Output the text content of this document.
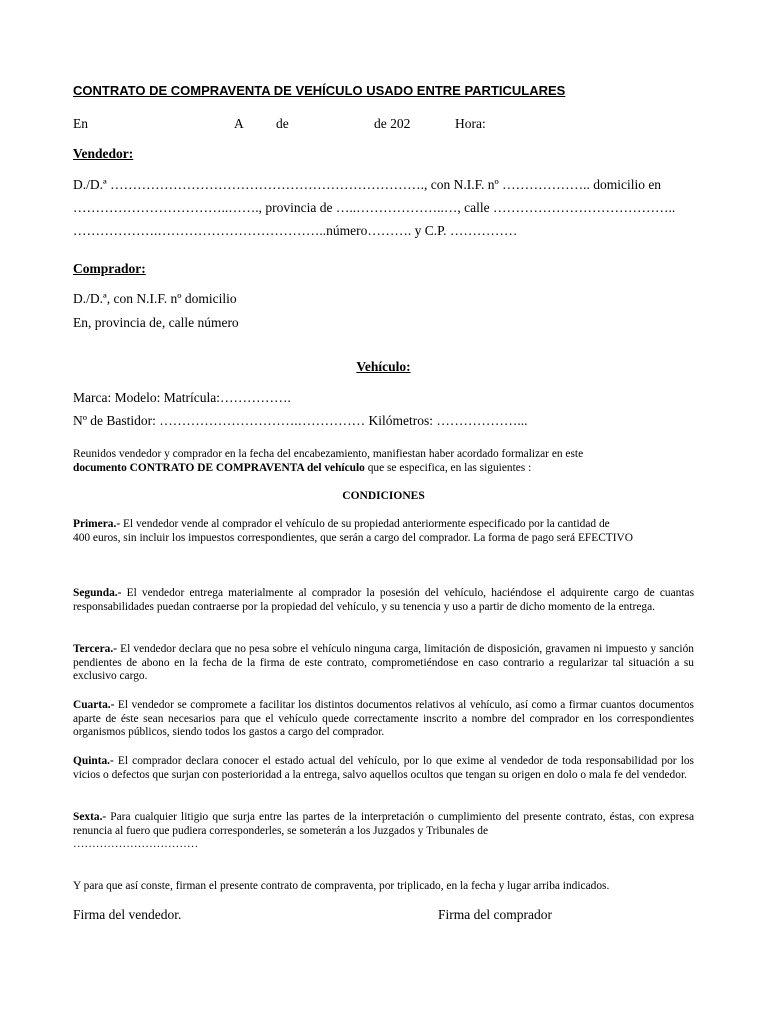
CONTRATO DE COMPRAVENTA DE VEHÍCULO USADO ENTRE PARTICULARES
En	A de	de 202	Hora:
Vendedor:
D./D.ª ……………………………………………………………., con N.I.F. nº ……………….. domicilio en
……………………………..……., provincia de …..………………..…, calle …………………………………..
……………….………………………………..número………. y C.P. ……………
Comprador:
D./D.ª, con N.I.F. nº domicilio
En, provincia de, calle número
Vehículo:
Marca: Modelo: Matrícula:…………….
Nº de Bastidor: ………………………….…………… Kilómetros: ………………...
Reunidos vendedor y comprador en la fecha del encabezamiento, manifiestan haber acordado formalizar en este
documento CONTRATO DE COMPRAVENTA del vehículo que se especifica, en las siguientes :
CONDICIONES
Primera.- El vendedor vende al comprador el vehículo de su propiedad anteriormente especificado por la cantidad de
400 euros, sin incluir los impuestos correspondientes, que serán a cargo del comprador. La forma de pago será EFECTIVO
Segunda.- El vendedor entrega materialmente al comprador la posesión del vehículo, haciéndose el adquirente cargo de cuantas responsabilidades puedan contraerse por la propiedad del vehículo, y su tenencia y uso a partir de dicho momento de la entrega.
Tercera.- El vendedor declara que no pesa sobre el vehículo ninguna carga, limitación de disposición, gravamen ni impuesto y sanción pendientes de abono en la fecha de la firma de este contrato, comprometiéndose en caso contrario a regularizar tal situación a su exclusivo cargo.
Cuarta.- El vendedor se compromete a facilitar los distintos documentos relativos al vehículo, así como a firmar cuantos documentos aparte de éste sean necesarios para que el vehículo quede correctamente inscrito a nombre del comprador en los correspondientes organismos públicos, siendo todos los gastos a cargo del comprador.
Quinta.- El comprador declara conocer el estado actual del vehículo, por lo que exime al vendedor de toda responsabilidad por los vicios o defectos que surjan con posterioridad a la entrega, salvo aquellos ocultos que tengan su origen en dolo o mala fe del vendedor.
Sexta.- Para cualquier litigio que surja entre las partes de la interpretación o cumplimiento del presente contrato, éstas, con expresa renuncia al fuero que pudiera corresponderles, se someterán a los Juzgados y Tribunales de
……………………………
Y para que así conste, firman el presente contrato de compraventa, por triplicado, en la fecha y lugar arriba indicados.
Firma del vendedor.	Firma del comprador
